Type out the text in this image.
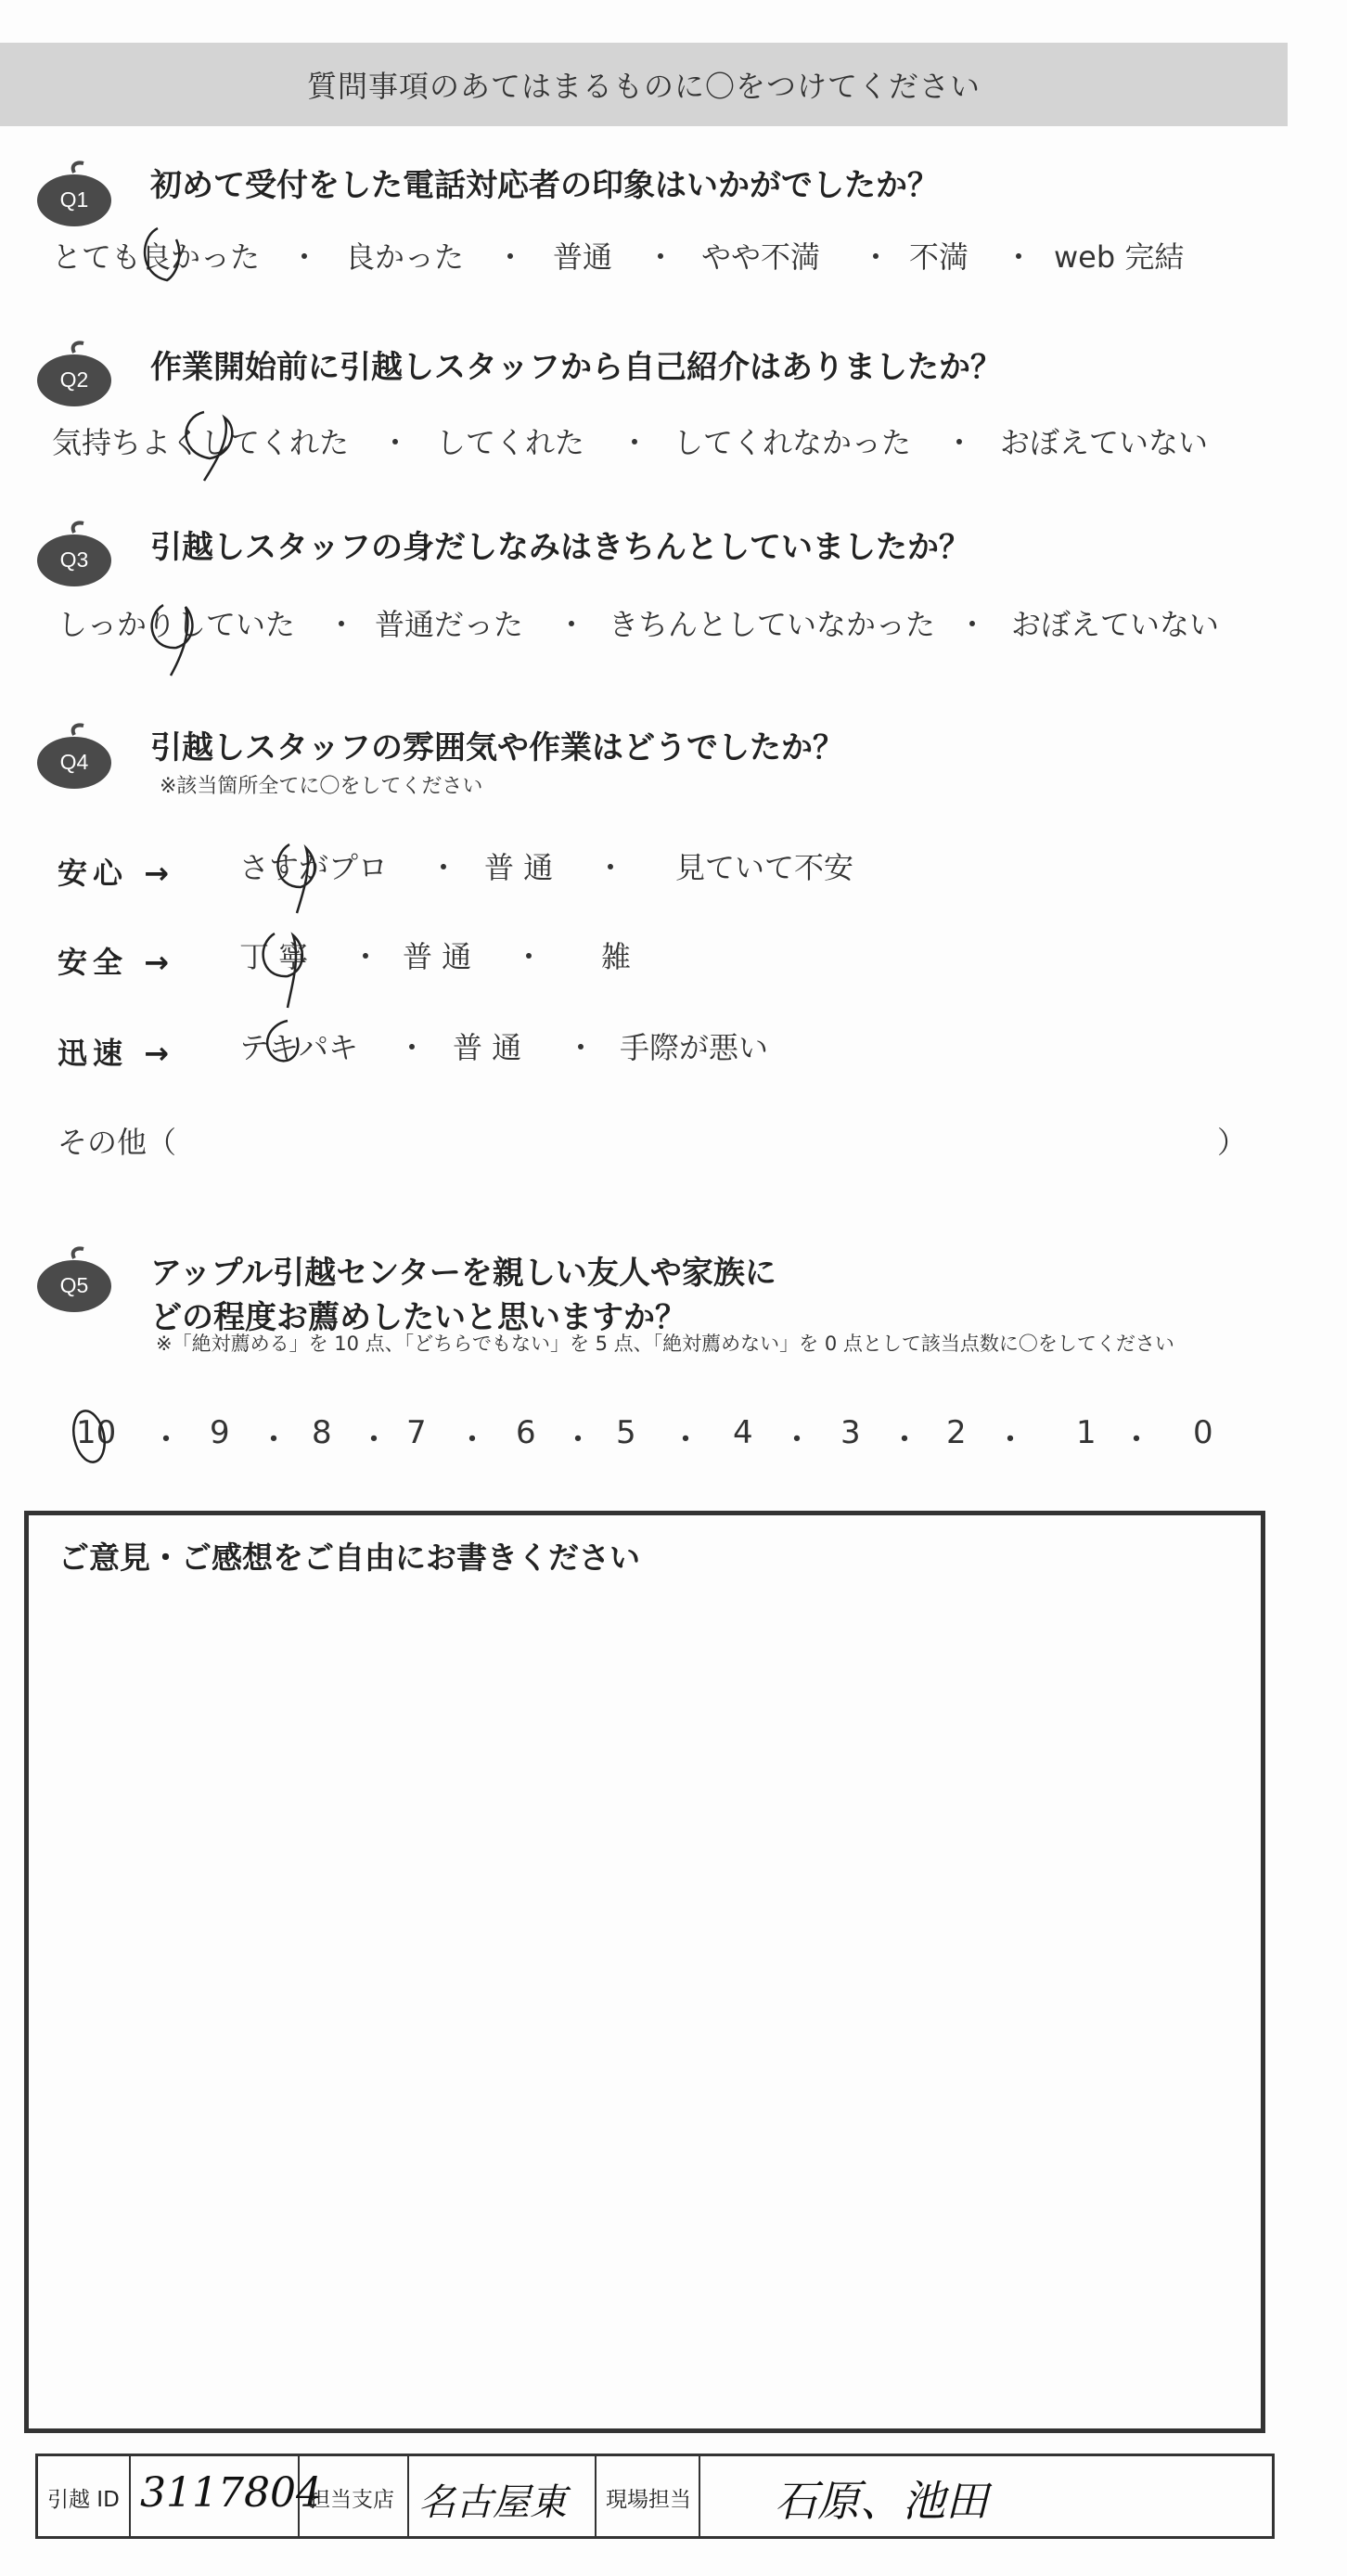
質問事項のあてはまるものに〇をつけてください
Q1	初めて受付をした電話対応者の印象はいかがでしたか？
とても良かった ・ 良かった ・ 普通 ・ やや不満 ・ 不満 ・ web 完結
Q2	作業開始前に引越しスタッフから自己紹介はありましたか？
気持ちよくしてくれた ・ してくれた ・ してくれなかった ・ おぼえていない
Q3	引越しスタッフの身だしなみはきちんとしていましたか？
しっかりしていた ・ 普通だった ・ きちんとしていなかった ・ おぼえていない
Q4	引越しスタッフの雰囲気や作業はどうでしたか？
※該当箇所全てに〇をしてください
安心 → さすがプロ ・ 普 通 ・ 見ていて不安
安全 → 丁 寧 ・ 普 通 ・ 雑
迅速 → テキパキ ・ 普 通 ・ 手際が悪い
その他（	）
Q5	アップル引越センターを親しい友人や家族に
どの程度お薦めしたいと思いますか？
※「絶対薦める」を 10 点、「どちらでもない」を 5 点、「絶対薦めない」を 0 点として該当点数に〇をしてください
10 ・ 9 ・ 8 ・ 7 ・ 6 ・ 5 ・ 4 ・ 3 ・ 2 ・ 1 ・ 0
ご意見・ご感想をご自由にお書きください
引越 ID 3117804
担当支店 名古屋東 現場担当 石原、池田
